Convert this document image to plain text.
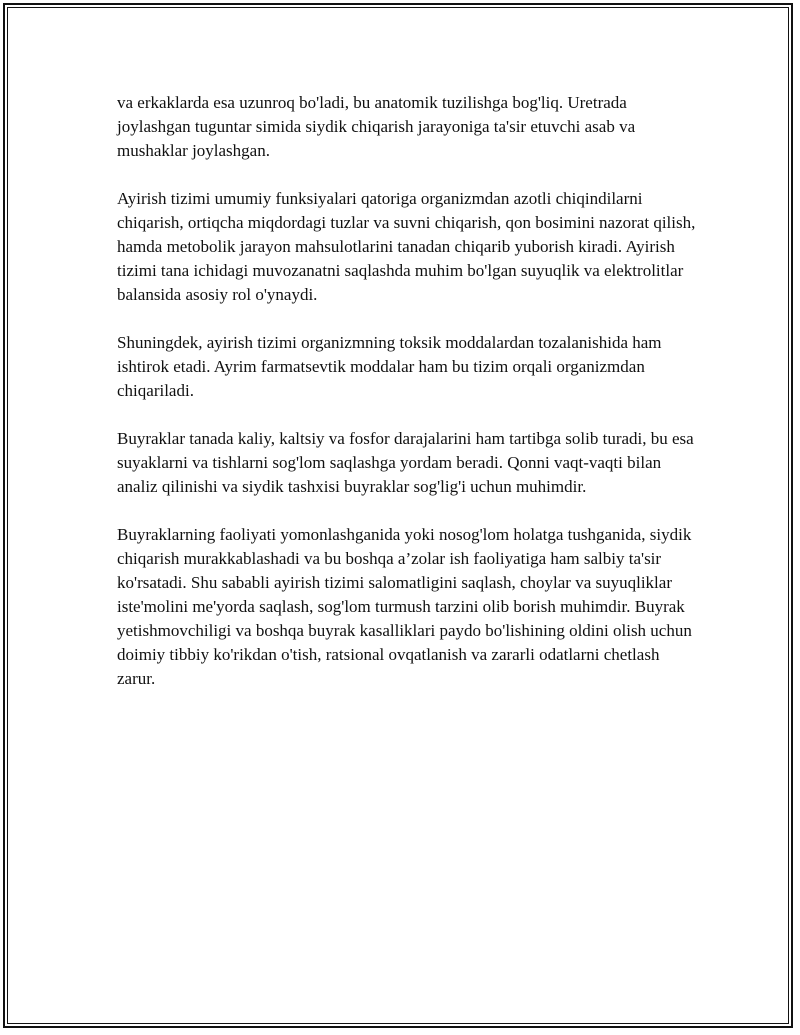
va erkaklarda esa uzunroq bo'ladi, bu anatomik tuzilishga bog'liq. Uretrada joylashgan tuguntar simida siydik chiqarish jarayoniga ta'sir etuvchi asab va mushaklar joylashgan.

Ayirish tizimi umumiy funksiyalari qatoriga organizmdan azotli chiqindilarni chiqarish, ortiqcha miqdordagi tuzlar va suvni chiqarish, qon bosimini nazorat qilish, hamda metobolik jarayon mahsulotlarini tanadan chiqarib yuborish kiradi. Ayirish tizimi tana ichidagi muvozanatni saqlashda muhim bo'lgan suyuqlik va elektrolitlar balansida asosiy rol o'ynaydi.

Shuningdek, ayirish tizimi organizmning toksik moddalardan tozalanishida ham ishtirok etadi. Ayrim farmatsevtik moddalar ham bu tizim orqali organizmdan chiqariladi.

Buyraklar tanada kaliy, kaltsiy va fosfor darajalarini ham tartibga solib turadi, bu esa suyaklarni va tishlarni sog'lom saqlashga yordam beradi. Qonni vaqt-vaqti bilan analiz qilinishi va siydik tashxisi buyraklar sog'lig'i uchun muhimdir.

Buyraklarning faoliyati yomonlashganida yoki nosog'lom holatga tushganida, siydik chiqarish murakkablashadi va bu boshqa a’zolar ish faoliyatiga ham salbiy ta'sir ko'rsatadi. Shu sababli ayirish tizimi salomatligini saqlash, choylar va suyuqliklar iste'molini me'yorda saqlash, sog'lom turmush tarzini olib borish muhimdir. Buyrak yetishmovchiligi va boshqa buyrak kasalliklari paydo bo'lishining oldini olish uchun doimiy tibbiy ko'rikdan o'tish, ratsional ovqatlanish va zararli odatlarni chetlash zarur.
